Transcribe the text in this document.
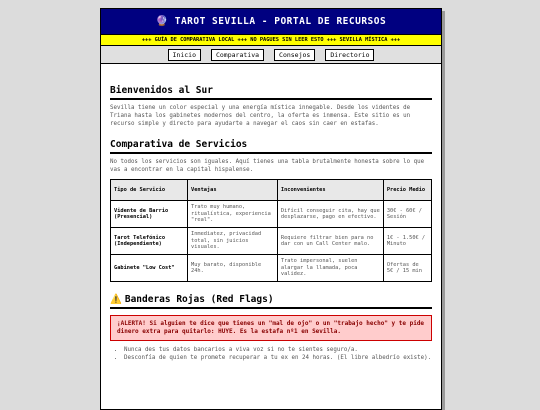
🔮 TAROT SEVILLA - PORTAL DE RECURSOS
+++ GUÍA DE COMPARATIVA LOCAL +++ NO PAGUES SIN LEER ESTO +++ SEVILLA MÍSTICA +++
Inicio	Comparativa	Consejos	Directorio
Bienvenidos al Sur

Sevilla tiene un color especial y una energía mística innegable. Desde los videntes de Triana hasta los gabinetes modernos del centro, la oferta es inmensa. Este sitio es un recurso simple y directo para ayudarte a navegar el caos sin caer en estafas.

Comparativa de Servicios

No todos los servicios son iguales. Aquí tienes una tabla brutalmente honesta sobre lo que vas a encontrar en la capital hispalense.

Tipo de Servicio	Ventajas	Inconvenientes	Precio Medio
Vidente de Barrio (Presencial)	Trato muy humano, ritualística, experiencia "real".	Difícil conseguir cita, hay que desplazarse, pago en efectivo.	30€ - 60€ / Sesión
Tarot Telefónico (Independiente)	Inmediatez, privacidad total, sin juicios visuales.	Requiere filtrar bien para no dar con un Call Center malo.	1€ - 1.50€ / Minuto
Gabinete "Low Cost"	Muy barato, disponible 24h.	Trato impersonal, suelen alargar la llamada, poca validez.	Ofertas de 5€ / 15 min
⚠️ Banderas Rojas (Red Flags)
¡ALERTA! Si alguien te dice que tienes un "mal de ojo" o un "trabajo hecho" y te pide dinero extra para quitarlo: HUYE. Es la estafa nº1 en Sevilla.
• Nunca des tus datos bancarios a viva voz si no te sientes seguro/a.
• Desconfía de quien te promete recuperar a tu ex en 24 horas. (El libre albedrío existe).
